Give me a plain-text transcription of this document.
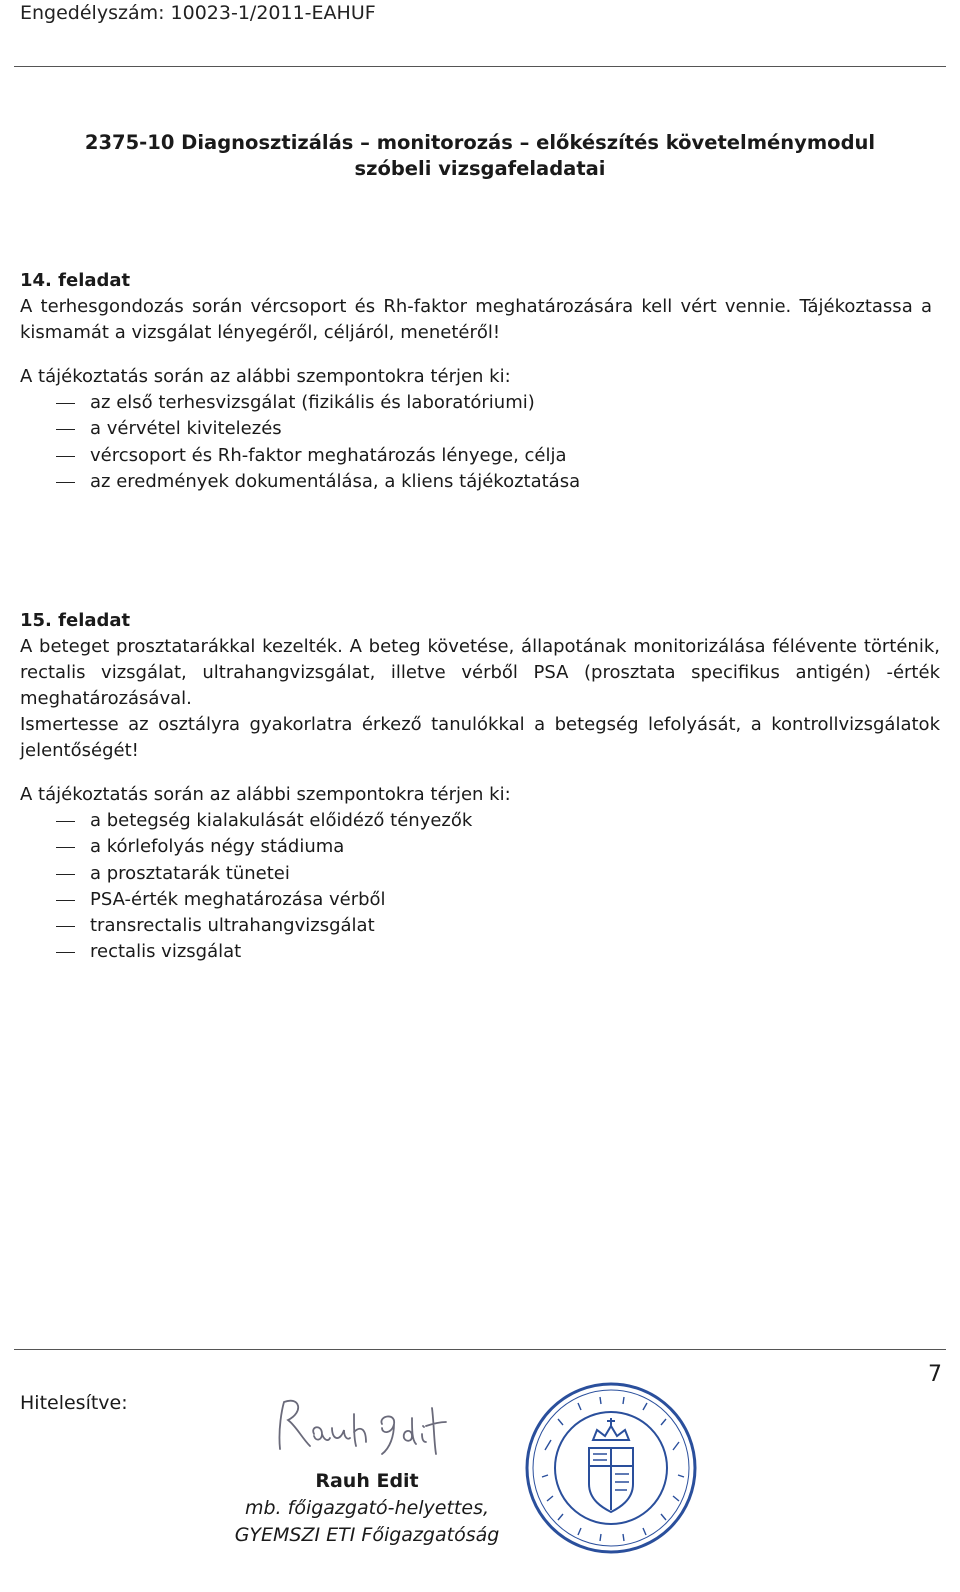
Engedélyszám: 10023-1/2011-EAHUF
2375-10 Diagnosztizálás – monitorozás – előkészítés követelménymodul
szóbeli vizsgafeladatai

14. feladat

A terhesgondozás során vércsoport és Rh-faktor meghatározására kell vért vennie. Tájékoztassa a kismamát a vizsgálat lényegéről, céljáról, menetéről!

A tájékoztatás során az alábbi szempontokra térjen ki:

az első terhesvizsgálat (fizikális és laboratóriumi)
a vérvétel kivitelezés
vércsoport és Rh-faktor meghatározás lényege, célja
az eredmények dokumentálása, a kliens tájékoztatása

15. feladat

A beteget prosztatarákkal kezelték. A beteg követése, állapotának monitorizálása félévente történik, rectalis vizsgálat, ultrahangvizsgálat, illetve vérből PSA (prosztata specifikus antigén) -érték meghatározásával.

Ismertesse az osztályra gyakorlatra érkező tanulókkal a betegség lefolyását, a kontrollvizsgálatok jelentőségét!

A tájékoztatás során az alábbi szempontokra térjen ki:

a betegség kialakulását előidéző tényezők
a kórlefolyás négy stádiuma
a prosztatarák tünetei
PSA-érték meghatározása vérből
transrectalis ultrahangvizsgálat
rectalis vizsgálat
Hitelesítve:
7
Rauh Edit
mb. főigazgató-helyettes,
GYEMSZI ETI Főigazgatóság
